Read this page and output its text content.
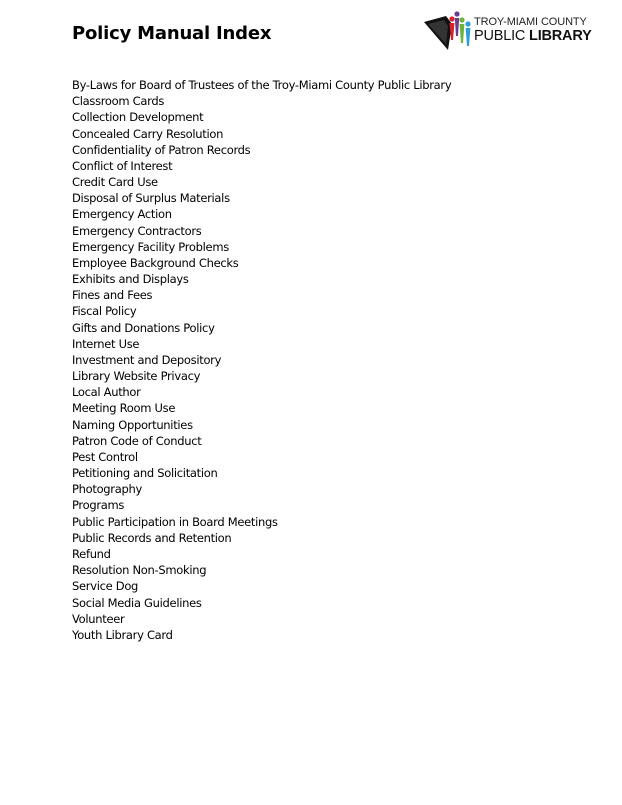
Policy Manual Index
TROY-MIAMI COUNTY
PUBLIC LIBRARY
By-Laws for Board of Trustees of the Troy-Miami County Public Library
Classroom Cards
Collection Development
Concealed Carry Resolution
Confidentiality of Patron Records
Conflict of Interest
Credit Card Use
Disposal of Surplus Materials
Emergency Action
Emergency Contractors
Emergency Facility Problems
Employee Background Checks
Exhibits and Displays
Fines and Fees
Fiscal Policy
Gifts and Donations Policy
Internet Use
Investment and Depository
Library Website Privacy
Local Author
Meeting Room Use
Naming Opportunities
Patron Code of Conduct
Pest Control
Petitioning and Solicitation
Photography
Programs
Public Participation in Board Meetings
Public Records and Retention
Refund
Resolution Non-Smoking
Service Dog
Social Media Guidelines
Volunteer
Youth Library Card
